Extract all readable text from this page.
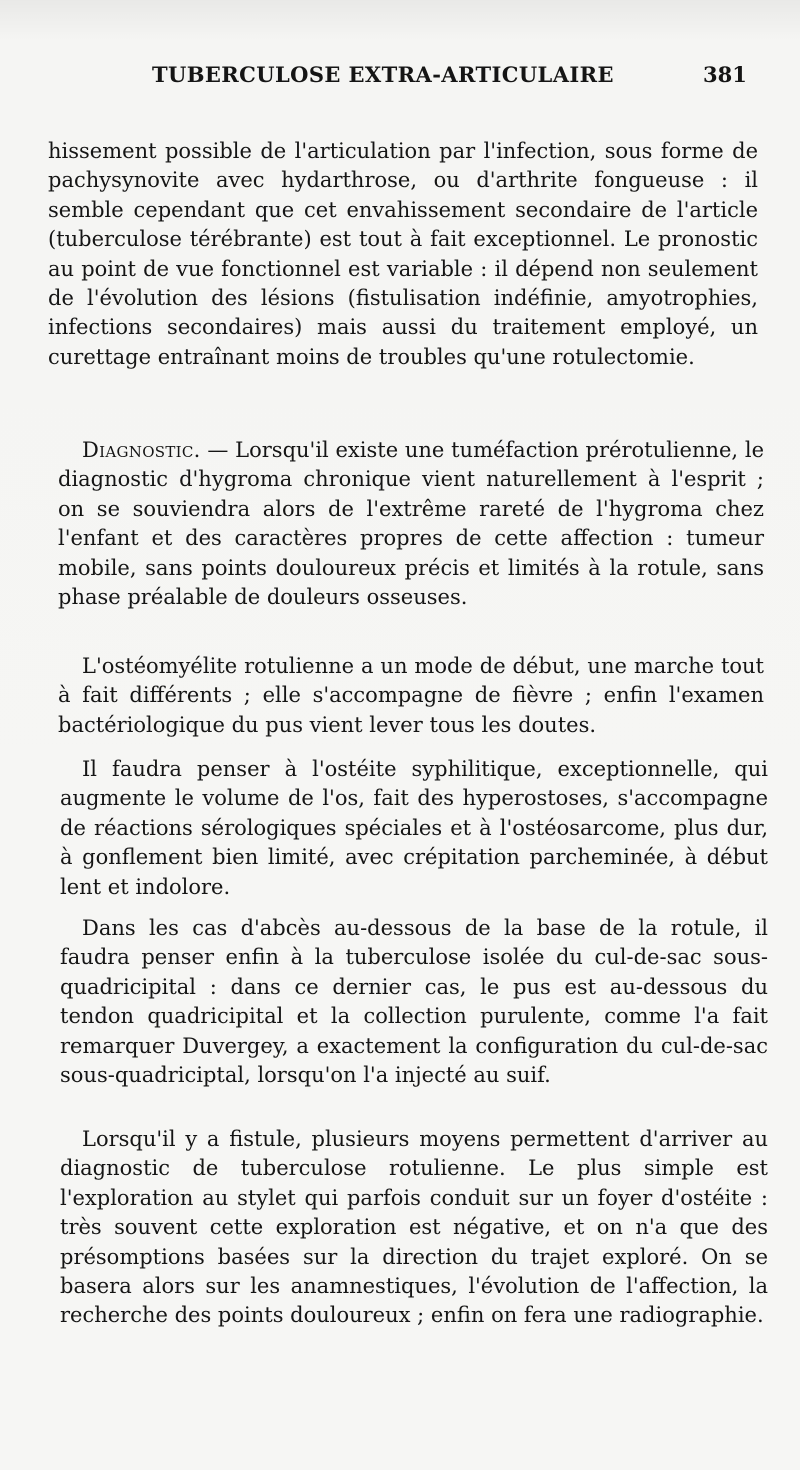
TUBERCULOSE EXTRA-ARTICULAIRE	381

hissement possible de l'articulation par l'infection, sous forme de pachysynovite avec hydarthrose, ou d'arthrite fongueuse : il semble cependant que cet envahissement secondaire de l'article (tuberculose térébrante) est tout à fait exceptionnel. Le pronostic au point de vue fonctionnel est variable : il dépend non seulement de l'évolution des lésions (fistulisation indéfinie, amyotrophies, infections secondaires) mais aussi du traitement employé, un curettage entraînant moins de troubles qu'une rotulectomie.

Diagnostic. — Lorsqu'il existe une tuméfaction prérotulienne, le diagnostic d'hygroma chronique vient naturellement à l'esprit ; on se souviendra alors de l'extrême rareté de l'hygroma chez l'enfant et des caractères propres de cette affection : tumeur mobile, sans points douloureux précis et limités à la rotule, sans phase préalable de douleurs osseuses.

L'ostéomyélite rotulienne a un mode de début, une marche tout à fait différents ; elle s'accompagne de fièvre ; enfin l'examen bactériologique du pus vient lever tous les doutes.

Il faudra penser à l'ostéite syphilitique, exceptionnelle, qui augmente le volume de l'os, fait des hyperostoses, s'accompagne de réactions sérologiques spéciales et à l'ostéosarcome, plus dur, à gonflement bien limité, avec crépitation parcheminée, à début lent et indolore.

Dans les cas d'abcès au-dessous de la base de la rotule, il faudra penser enfin à la tuberculose isolée du cul-de-sac sous-quadricipital : dans ce dernier cas, le pus est au-dessous du tendon quadricipital et la collection purulente, comme l'a fait remarquer Duvergey, a exactement la configuration du cul-de-sac sous-quadriciptal, lorsqu'on l'a injecté au suif.

Lorsqu'il y a fistule, plusieurs moyens permettent d'arriver au diagnostic de tuberculose rotulienne. Le plus simple est l'exploration au stylet qui parfois conduit sur un foyer d'ostéite : très souvent cette exploration est négative, et on n'a que des présomptions basées sur la direction du trajet exploré. On se basera alors sur les anamnestiques, l'évolution de l'affection, la recherche des points douloureux ; enfin on fera une radiographie.
